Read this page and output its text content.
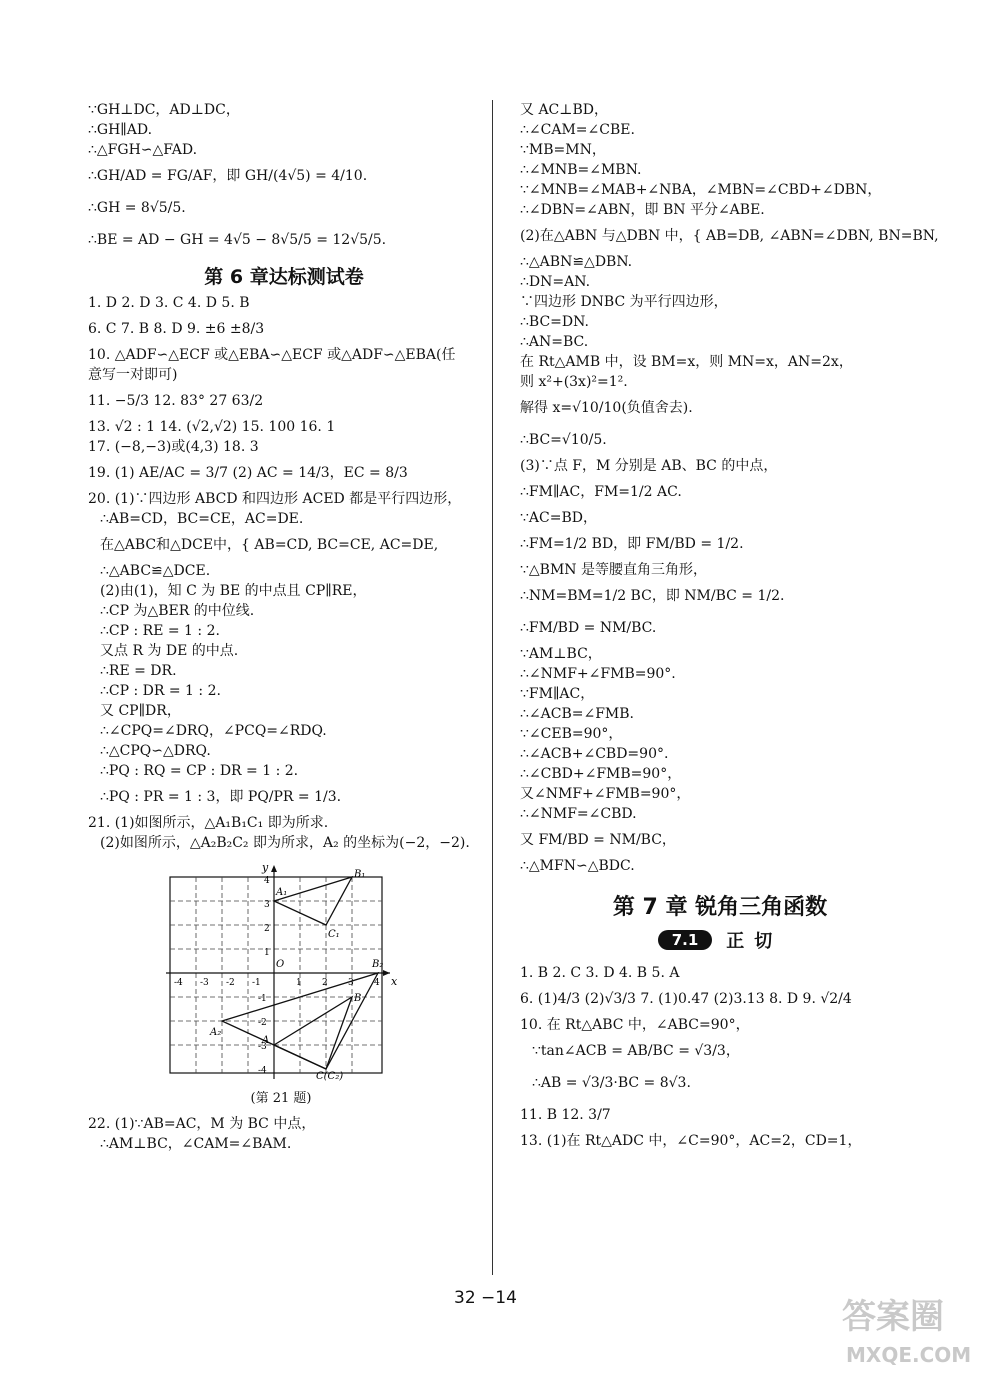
∵GH⊥DC，AD⊥DC，
∴GH∥AD.
∴△FGH∽△FAD.
∴GH/AD = FG/AF，即 GH/(4√5) = 4/10.
∴GH = 8√5/5.
∴BE = AD − GH = 4√5 − 8√5/5 = 12√5/5.
第 6 章达标测试卷
1. D 2. D 3. C 4. D 5. B
6. C 7. B 8. D 9. ±6 ±8/3
10. △ADF∽△ECF 或△EBA∽△ECF 或△ADF∽△EBA(任
意写一对即可)
11. −5/3 12. 83° 27 63/2
13. √2 : 1 14. (√2,√2) 15. 100 16. 1
17. (−8,−3)或(4,3) 18. 3
19. (1) AE/AC = 3/7 (2) AC = 14/3，EC = 8/3
20. (1)∵四边形 ABCD 和四边形 ACED 都是平行四边形，
∴AB=CD，BC=CE，AC=DE.
在△ABC和△DCE中，{ AB=CD, BC=CE, AC=DE,
∴△ABC≌△DCE.
(2)由(1)，知 C 为 BE 的中点且 CP∥RE，
∴CP 为△BER 的中位线.
∴CP : RE = 1 : 2.
又点 R 为 DE 的中点.
∴RE = DR.
∴CP : DR = 1 : 2.
又 CP∥DR，
∴∠CPQ=∠DRQ，∠PCQ=∠RDQ.
∴△CPQ∽△DRQ.
∴PQ : RQ = CP : DR = 1 : 2.
∴PQ : PR = 1 : 3，即 PQ/PR = 1/3.
21. (1)如图所示，△A₁B₁C₁ 即为所求.
(2)如图所示，△A₂B₂C₂ 即为所求，A₂ 的坐标为(−2，−2).
x
y
O
-4 -3 -2 -1	1 2 3 4
4
3
2
1
-1
-2
-3
-4
A₁
B₁
C₁
A₂
B₂
C(C₂)
A
B
(第 21 题)
22. (1)∵AB=AC，M 为 BC 中点，
∴AM⊥BC，∠CAM=∠BAM.
又 AC⊥BD，
∴∠CAM=∠CBE.
∵MB=MN，
∴∠MNB=∠MBN.
∵∠MNB=∠MAB+∠NBA，∠MBN=∠CBD+∠DBN，
∴∠DBN=∠ABN，即 BN 平分∠ABE.
(2)在△ABN 与△DBN 中，{ AB=DB, ∠ABN=∠DBN, BN=BN,
∴△ABN≌△DBN.
∴DN=AN.
∵四边形 DNBC 为平行四边形，
∴BC=DN.
∴AN=BC.
在 Rt△AMB 中，设 BM=x，则 MN=x，AN=2x，
则 x²+(3x)²=1².
解得 x=√10/10(负值舍去).
∴BC=√10/5.
(3)∵点 F，M 分别是 AB、BC 的中点，
∴FM∥AC，FM=1/2 AC.
∵AC=BD，
∴FM=1/2 BD，即 FM/BD = 1/2.
∵△BMN 是等腰直角三角形，
∴NM=BM=1/2 BC，即 NM/BC = 1/2.
∴FM/BD = NM/BC.
∵AM⊥BC，
∴∠NMF+∠FMB=90°.
∵FM∥AC，
∴∠ACB=∠FMB.
∵∠CEB=90°，
∴∠ACB+∠CBD=90°.
∴∠CBD+∠FMB=90°，
又∠NMF+∠FMB=90°，
∴∠NMF=∠CBD.
又 FM/BD = NM/BC，
∴△MFN∽△BDC.
第 7 章 锐角三角函数
7.1	正切
1. B 2. C 3. D 4. B 5. A
6. (1)4/3 (2)√3/3 7. (1)0.47 (2)3.13 8. D 9. √2/4
10. 在 Rt△ABC 中，∠ABC=90°，
∵tan∠ACB = AB/BC = √3/3，
∴AB = √3/3·BC = 8√3.
11. B 12. 3/7
13. (1)在 Rt△ADC 中，∠C=90°，AC=2，CD=1，
32 −14	答案圈
MXQE.COM
